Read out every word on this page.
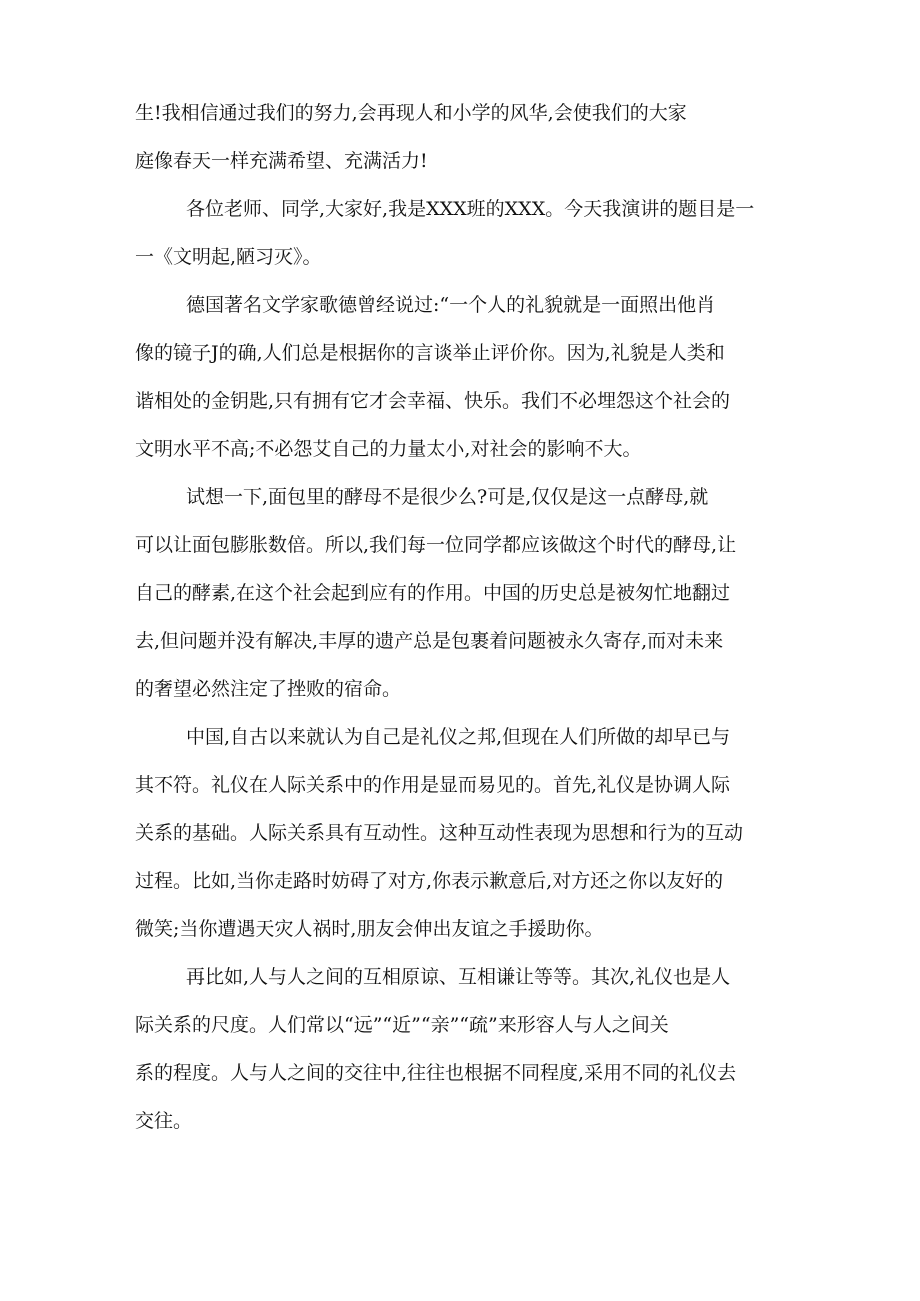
生!我相信通过我们的努力,会再现人和小学的风华,会使我们的大家
庭像春天一样充满希望、充满活力!
各位老师、同学,大家好,我是XXX班的XXX。今天我演讲的题目是一
一《文明起,陋习灭》。
德国著名文学家歌德曾经说过:“一个人的礼貌就是一面照出他肖
像的镜子J的确,人们总是根据你的言谈举止评价你。因为,礼貌是人类和
谐相处的金钥匙,只有拥有它才会幸福、快乐。我们不必埋怨这个社会的
文明水平不高;不必怨艾自己的力量太小,对社会的影响不大。
试想一下,面包里的酵母不是很少么?可是,仅仅是这一点酵母,就
可以让面包膨胀数倍。所以,我们每一位同学都应该做这个时代的酵母,让
自己的酵素,在这个社会起到应有的作用。中国的历史总是被匆忙地翻过
去,但问题并没有解决,丰厚的遗产总是包裹着问题被永久寄存,而对未来
的奢望必然注定了挫败的宿命。
中国,自古以来就认为自己是礼仪之邦,但现在人们所做的却早已与
其不符。礼仪在人际关系中的作用是显而易见的。首先,礼仪是协调人际
关系的基础。人际关系具有互动性。这种互动性表现为思想和行为的互动
过程。比如,当你走路时妨碍了对方,你表示歉意后,对方还之你以友好的
微笑;当你遭遇天灾人祸时,朋友会伸出友谊之手援助你。
再比如,人与人之间的互相原谅、互相谦让等等。其次,礼仪也是人
际关系的尺度。人们常以“远”“近”“亲”“疏”来形容人与人之间关
系的程度。人与人之间的交往中,往往也根据不同程度,采用不同的礼仪去
交往。
